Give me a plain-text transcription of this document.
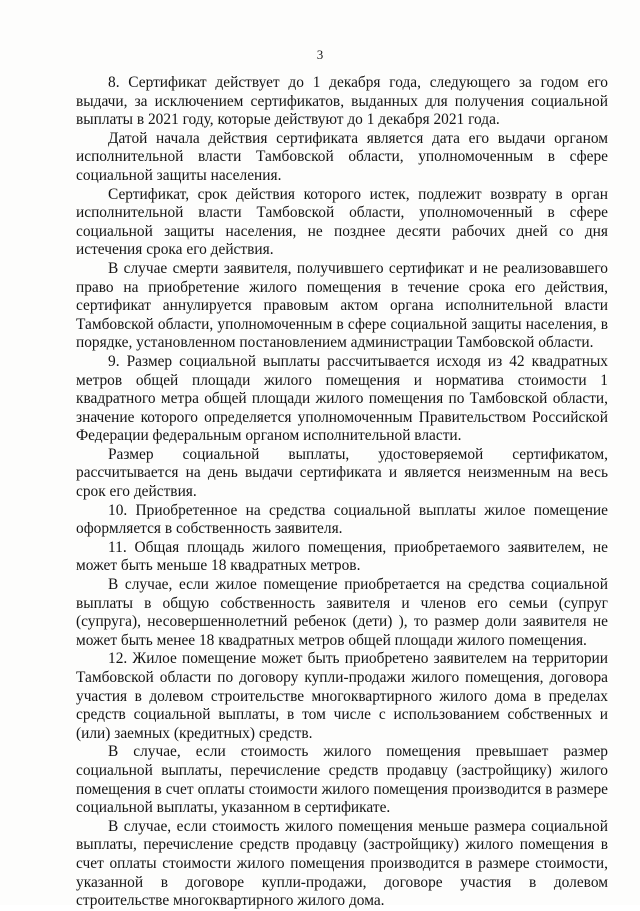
3

8. Сертификат действует до 1 декабря года, следующего за годом его выдачи, за исключением сертификатов, выданных для получения социальной выплаты в 2021 году, которые действуют до 1 декабря 2021 года.

Датой начала действия сертификата является дата его выдачи органом исполнительной власти Тамбовской области, уполномоченным в сфере социальной защиты населения.

Сертификат, срок действия которого истек, подлежит возврату в орган исполнительной власти Тамбовской области, уполномоченный в сфере социальной защиты населения, не позднее десяти рабочих дней со дня истечения срока его действия.

В случае смерти заявителя, получившего сертификат и не реализовавшего право на приобретение жилого помещения в течение срока его действия, сертификат аннулируется правовым актом органа исполнительной власти Тамбовской области, уполномоченным в сфере социальной защиты населения, в порядке, установленном постановлением администрации Тамбовской области.

9. Размер социальной выплаты рассчитывается исходя из 42 квадратных метров общей площади жилого помещения и норматива стоимости 1 квадратного метра общей площади жилого помещения по Тамбовской области, значение которого определяется уполномоченным Правительством Российской Федерации федеральным органом исполнительной власти.

Размер социальной выплаты, удостоверяемой сертификатом, рассчитывается на день выдачи сертификата и является неизменным на весь срок его действия.

10. Приобретенное на средства социальной выплаты жилое помещение оформляется в собственность заявителя.

11. Общая площадь жилого помещения, приобретаемого заявителем, не может быть меньше 18 квадратных метров.

В случае, если жилое помещение приобретается на средства социальной выплаты в общую собственность заявителя и членов его семьи (супруг (супруга), несовершеннолетний ребенок (дети) ), то размер доли заявителя не может быть менее 18 квадратных метров общей площади жилого помещения.

12. Жилое помещение может быть приобретено заявителем на территории Тамбовской области по договору купли-продажи жилого помещения, договора участия в долевом строительстве многоквартирного жилого дома в пределах средств социальной выплаты, в том числе с использованием собственных и (или) заемных (кредитных) средств.

В случае, если стоимость жилого помещения превышает размер социальной выплаты, перечисление средств продавцу (застройщику) жилого помещения в счет оплаты стоимости жилого помещения производится в размере социальной выплаты, указанном в сертификате.

В случае, если стоимость жилого помещения меньше размера социальной выплаты, перечисление средств продавцу (застройщику) жилого помещения в счет оплаты стоимости жилого помещения производится в размере стоимости, указанной в договоре купли-продажи, договоре участия в долевом строительстве многоквартирного жилого дома.
